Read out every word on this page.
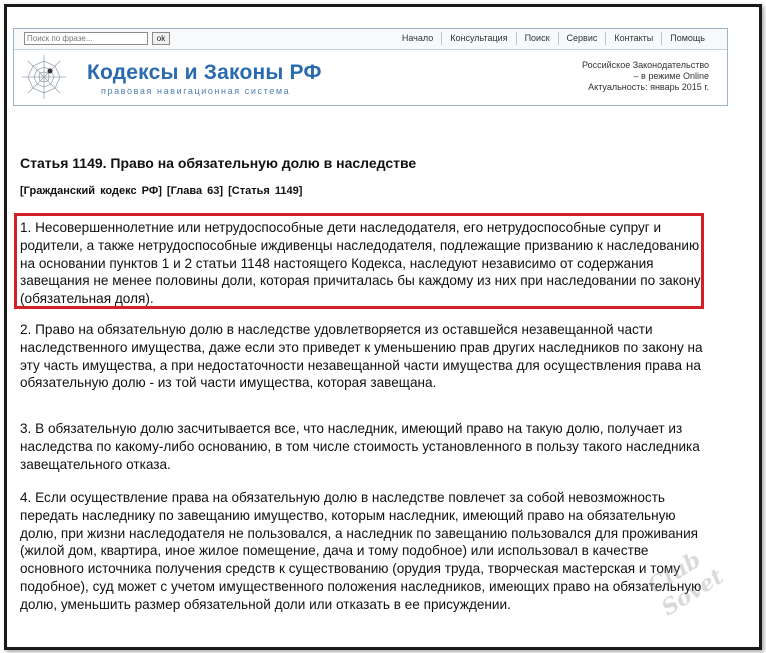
Поиск по фразе...
ok	Начало	Консультация	Поиск	Сервис	Контакты	Помощь
Кодексы и Законы РФ
правовая навигационная система
Российское Законодательство
– в режиме Online
Актуальность: январь 2015 г.
Статья 1149. Право на обязательную долю в наследстве
[Гражданский кодекс РФ] [Глава 63] [Статья 1149]
1. Несовершеннолетние или нетрудоспособные дети наследодателя, его нетрудоспособные супруг и родители, а также нетрудоспособные иждивенцы наследодателя, подлежащие призванию к наследованию на основании пунктов 1 и 2 статьи 1148 настоящего Кодекса, наследуют независимо от содержания завещания не менее половины доли, которая причиталась бы каждому из них при наследовании по закону (обязательная доля).
2. Право на обязательную долю в наследстве удовлетворяется из оставшейся незавещанной части наследственного имущества, даже если это приведет к уменьшению прав других наследников по закону на эту часть имущества, а при недостаточности незавещанной части имущества для осуществления права на обязательную долю - из той части имущества, которая завещана.
3. В обязательную долю засчитывается все, что наследник, имеющий право на такую долю, получает из наследства по какому-либо основанию, в том числе стоимость установленного в пользу такого наследника завещательного отказа.
4. Если осуществление права на обязательную долю в наследстве повлечет за собой невозможность передать наследнику по завещанию имущество, которым наследник, имеющий право на обязательную долю, при жизни наследодателя не пользовался, а наследник по завещанию пользовался для проживания (жилой дом, квартира, иное жилое помещение, дача и тому подобное) или использовал в качестве основного источника получения средств к существованию (орудия труда, творческая мастерская и тому подобное), суд может с учетом имущественного положения наследников, имеющих право на обязательную долю, уменьшить размер обязательной доли или отказать в ее присуждении.
Club Sovet
